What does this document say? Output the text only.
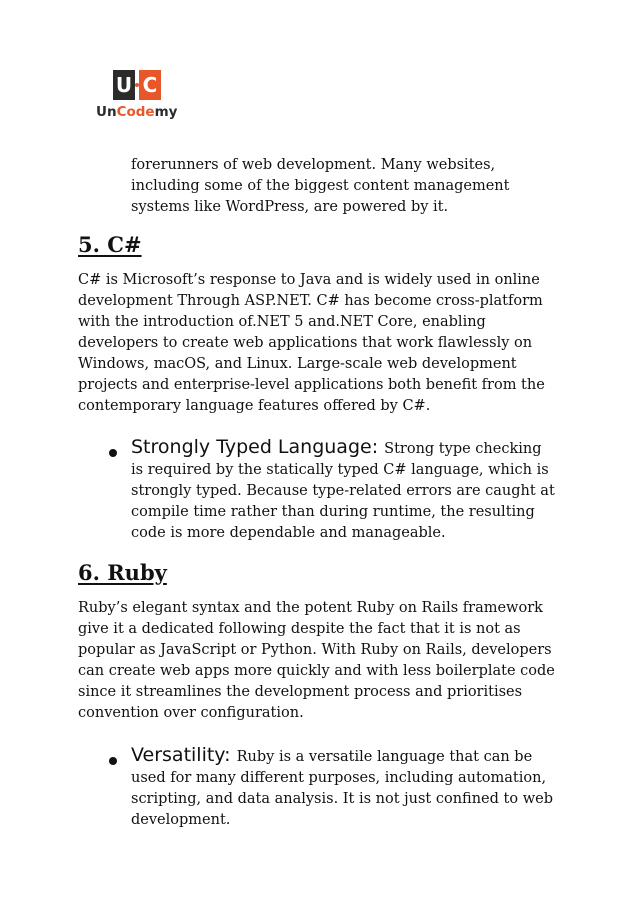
U C
UnCodemy

forerunners of web development. Many websites, including some of the biggest content management systems like WordPress, are powered by it.

5. C#

C# is Microsoft’s response to Java and is widely used in online development Through ASP.NET. C# has become cross-platform with the introduction of.NET 5 and.NET Core, enabling developers to create web applications that work flawlessly on Windows, macOS, and Linux. Large-scale web development projects and enterprise-level applications both benefit from the contemporary language features offered by C#.

Strongly Typed Language: Strong type checking is required by the statically typed C# language, which is strongly typed. Because type-related errors are caught at compile time rather than during runtime, the resulting code is more dependable and manageable.

6. Ruby

Ruby’s elegant syntax and the potent Ruby on Rails framework give it a dedicated following despite the fact that it is not as popular as JavaScript or Python. With Ruby on Rails, developers can create web apps more quickly and with less boilerplate code since it streamlines the development process and prioritises convention over configuration.

Versatility: Ruby is a versatile language that can be used for many different purposes, including automation, scripting, and data analysis. It is not just confined to web development.
